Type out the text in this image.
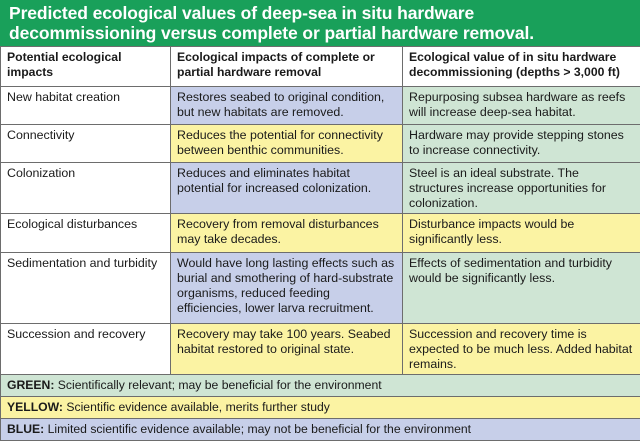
Predicted ecological values of deep-sea in situ hardware
decommissioning versus complete or partial hardware removal.
Potential ecological impacts	Ecological impacts of complete or partial hardware removal	Ecological value of in situ hardware decommissioning (depths > 3,000 ft)
New habitat creation	Restores seabed to original condition, but new habitats are removed.	Repurposing subsea hardware as reefs will increase deep-sea habitat.
Connectivity	Reduces the potential for connectivity between benthic communities.	Hardware may provide stepping stones to increase connectivity.
Colonization	Reduces and eliminates habitat potential for increased colonization.	Steel is an ideal substrate. The structures increase opportunities for colonization.
Ecological disturbances	Recovery from removal disturbances may take decades.	Disturbance impacts would be significantly less.
Sedimentation and turbidity	Would have long lasting effects such as burial and smothering of hard-substrate organisms, reduced feeding efficiencies, lower larva recruitment.	Effects of sedimentation and turbidity would be significantly less.
Succession and recovery	Recovery may take 100 years. Seabed habitat restored to original state.	Succession and recovery time is expected to be much less. Added habitat remains.
GREEN: Scientifically relevant; may be beneficial for the environment		
YELLOW: Scientific evidence available, merits further study		
BLUE: Limited scientific evidence available; may not be beneficial for the environment		
